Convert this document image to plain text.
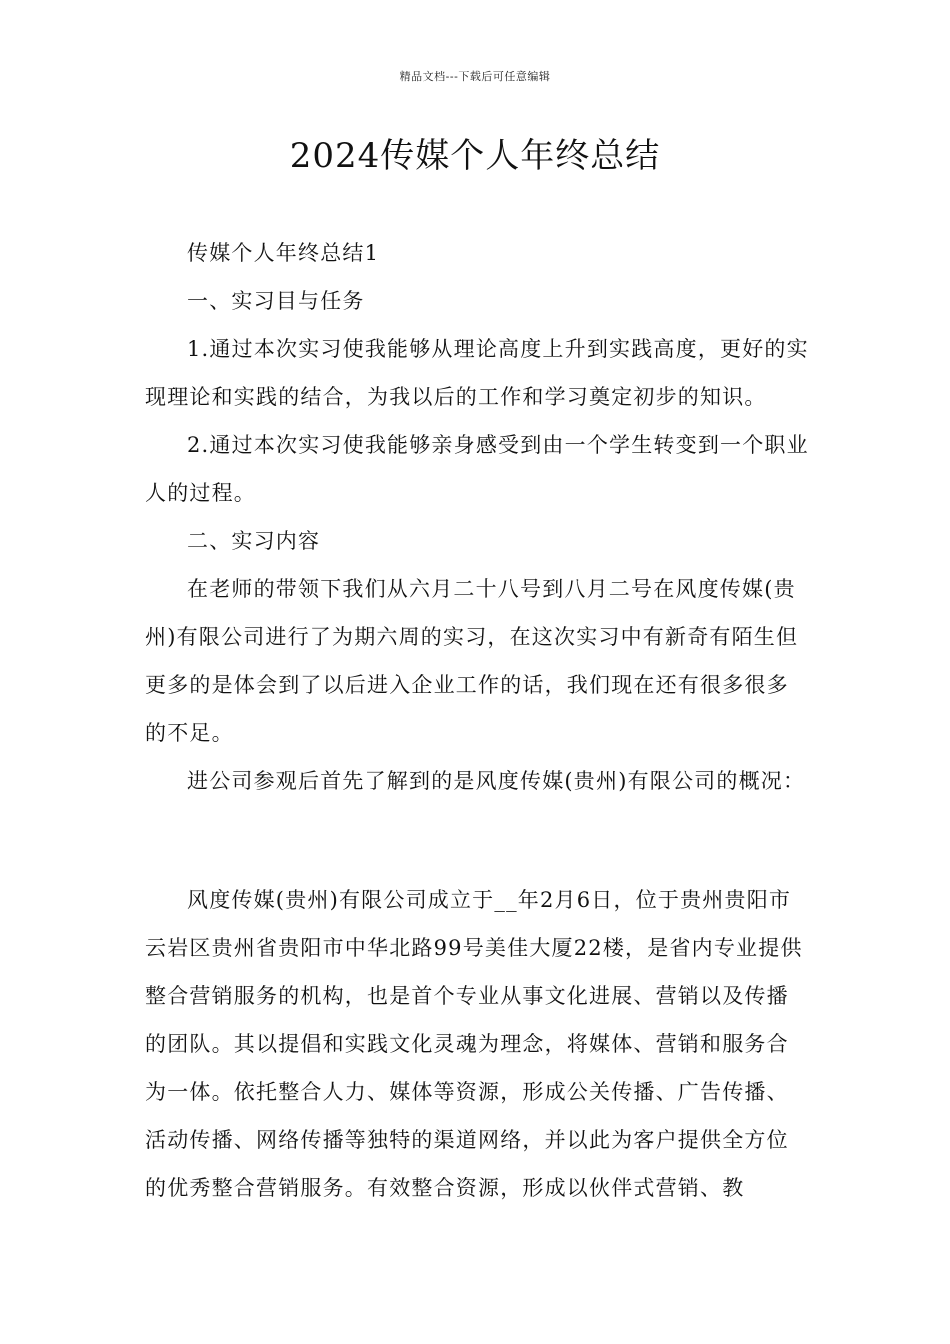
精品文档---下载后可任意编辑
2024传媒个人年终总结

传媒个人年终总结1

一、实习目与任务

1.通过本次实习使我能够从理论高度上升到实践高度，更好的实现理论和实践的结合，为我以后的工作和学习奠定初步的知识。

2.通过本次实习使我能够亲身感受到由一个学生转变到一个职业人的过程。

二、实习内容

在老师的带领下我们从六月二十八号到八月二号在风度传媒(贵州)有限公司进行了为期六周的实习，在这次实习中有新奇有陌生但更多的是体会到了以后进入企业工作的话，我们现在还有很多很多的不足。

进公司参观后首先了解到的是风度传媒(贵州)有限公司的概况：

风度传媒(贵州)有限公司成立于__年2月6日，位于贵州贵阳市云岩区贵州省贵阳市中华北路99号美佳大厦22楼，是省内专业提供整合营销服务的机构，也是首个专业从事文化进展、营销以及传播的团队。其以提倡和实践文化灵魂为理念，将媒体、营销和服务合为一体。依托整合人力、媒体等资源，形成公关传播、广告传播、活动传播、网络传播等独特的渠道网络，并以此为客户提供全方位的优秀整合营销服务。有效整合资源，形成以伙伴式营销、教
